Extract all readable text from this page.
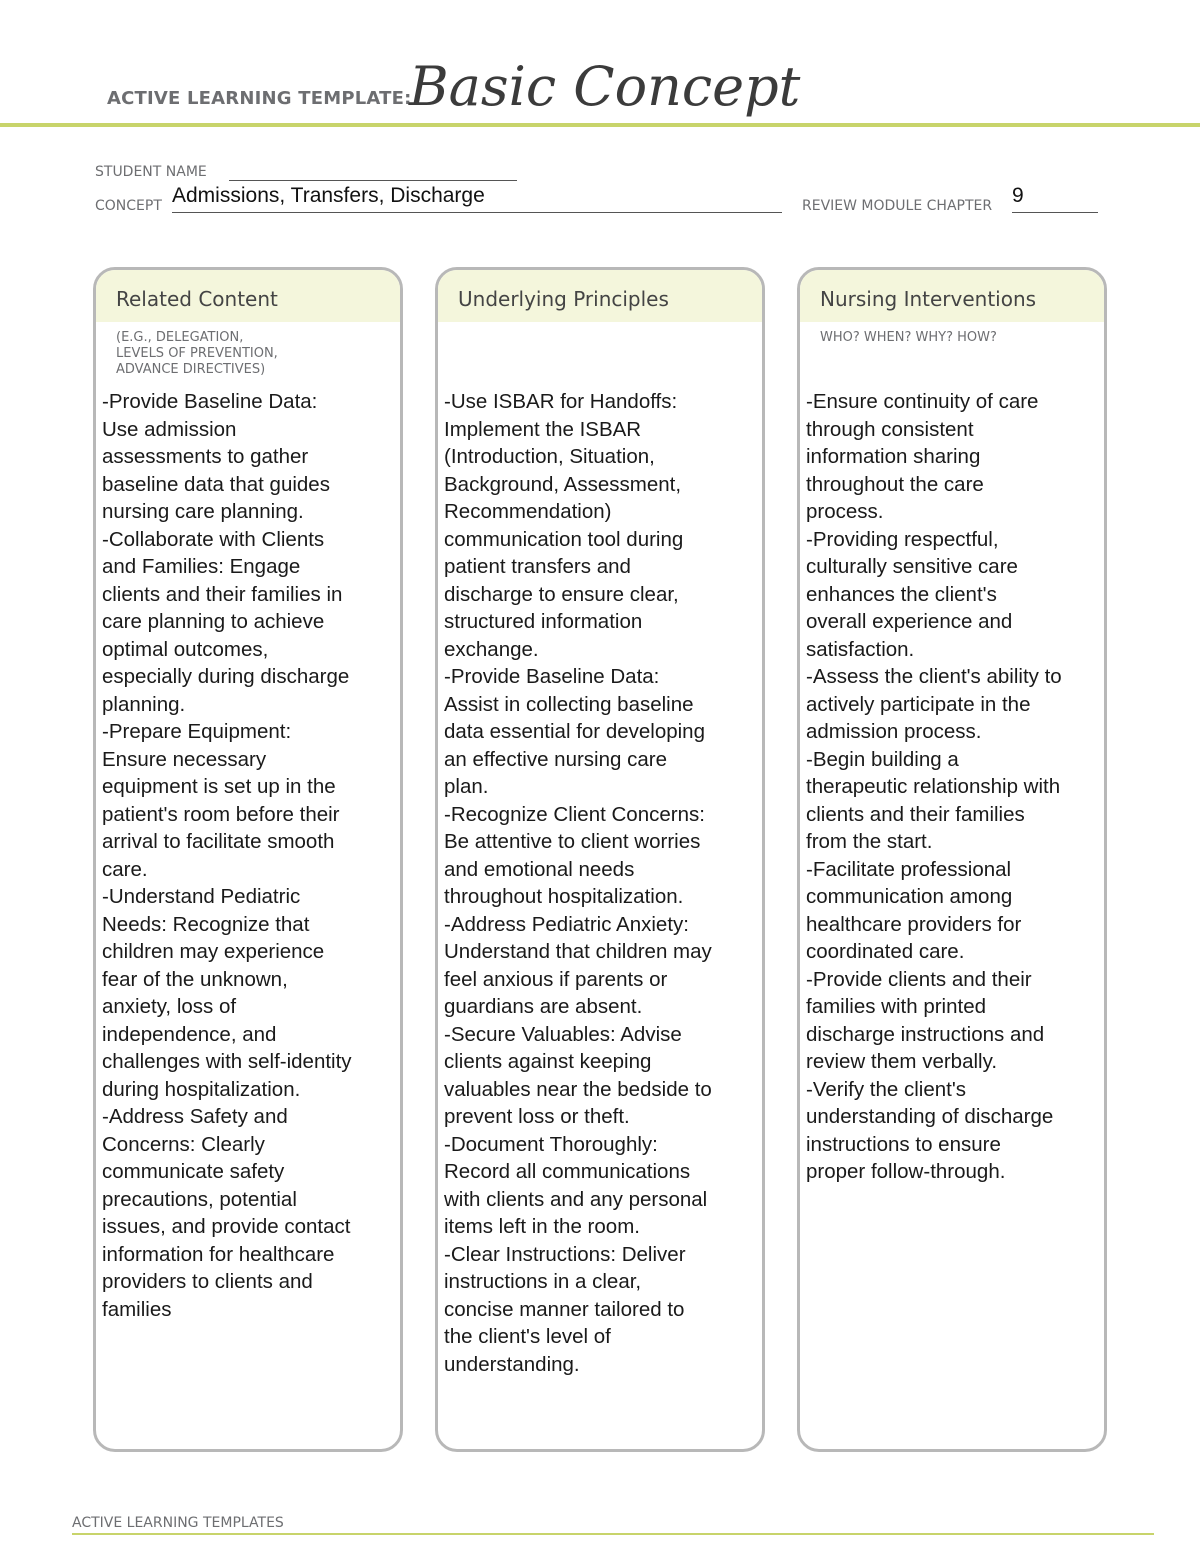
ACTIVE LEARNING TEMPLATE:
Basic Concept
STUDENT NAME
CONCEPT Admissions, Transfers, Discharge	REVIEW MODULE CHAPTER 9
Related Content
(E.G., DELEGATION,
LEVELS OF PREVENTION,
ADVANCE DIRECTIVES)
-Provide Baseline Data:
Use admission
assessments to gather
baseline data that guides
nursing care planning.
-Collaborate with Clients
and Families: Engage
clients and their families in
care planning to achieve
optimal outcomes,
especially during discharge
planning.
-Prepare Equipment:
Ensure necessary
equipment is set up in the
patient's room before their
arrival to facilitate smooth
care.
-Understand Pediatric
Needs: Recognize that
children may experience
fear of the unknown,
anxiety, loss of
independence, and
challenges with self-identity
during hospitalization.
-Address Safety and
Concerns: Clearly
communicate safety
precautions, potential
issues, and provide contact
information for healthcare
providers to clients and
families
Underlying Principles
-Use ISBAR for Handoffs:
Implement the ISBAR
(Introduction, Situation,
Background, Assessment,
Recommendation)
communication tool during
patient transfers and
discharge to ensure clear,
structured information
exchange.
-Provide Baseline Data:
Assist in collecting baseline
data essential for developing
an effective nursing care
plan.
-Recognize Client Concerns:
Be attentive to client worries
and emotional needs
throughout hospitalization.
-Address Pediatric Anxiety:
Understand that children may
feel anxious if parents or
guardians are absent.
-Secure Valuables: Advise
clients against keeping
valuables near the bedside to
prevent loss or theft.
-Document Thoroughly:
Record all communications
with clients and any personal
items left in the room.
-Clear Instructions: Deliver
instructions in a clear,
concise manner tailored to
the client's level of
understanding.
Nursing Interventions
WHO? WHEN? WHY? HOW?
-Ensure continuity of care
through consistent
information sharing
throughout the care
process.
-Providing respectful,
culturally sensitive care
enhances the client's
overall experience and
satisfaction.
-Assess the client's ability to
actively participate in the
admission process.
-Begin building a
therapeutic relationship with
clients and their families
from the start.
-Facilitate professional
communication among
healthcare providers for
coordinated care.
-Provide clients and their
families with printed
discharge instructions and
review them verbally.
-Verify the client's
understanding of discharge
instructions to ensure
proper follow-through.
ACTIVE LEARNING TEMPLATES
